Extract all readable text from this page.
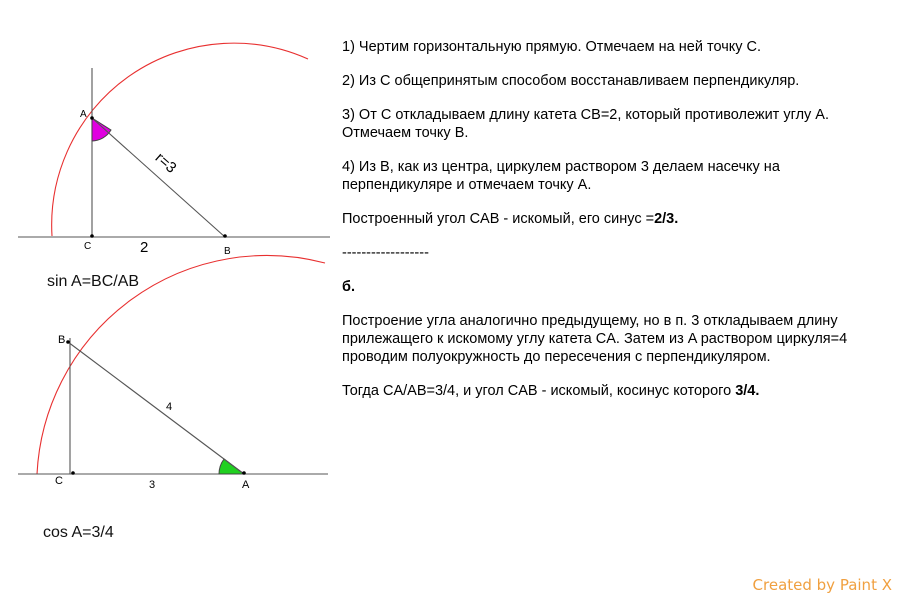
A
C	B
r=3
2
B
C	A
4
3
sin A=BC/AB
cos A=3/4

1) Чертим горизонтальную прямую. Отмечаем на ней точку C.

2) Из C общепринятым способом восстанавливаем перпендикуляр.

3) От C откладываем длину катета CB=2, который противолежит углу A. Отмечаем точку B.

4) Из B, как из центра, циркулем раствором 3 делаем насечку на перпендикуляре и отмечаем точку A.

Построенный угол CAB - искомый, его синус =2/3.

------------------

б.

Построение угла аналогично предыдущему, но в п. 3 откладываем длину прилежащего к искомому углу катета CA. Затем из A раствором циркуля=4 проводим полуокружность до пересечения с перпендикуляром.

Тогда CA/AB=3/4, и угол CAB - искомый, косинус которого 3/4.

Created by Paint X
